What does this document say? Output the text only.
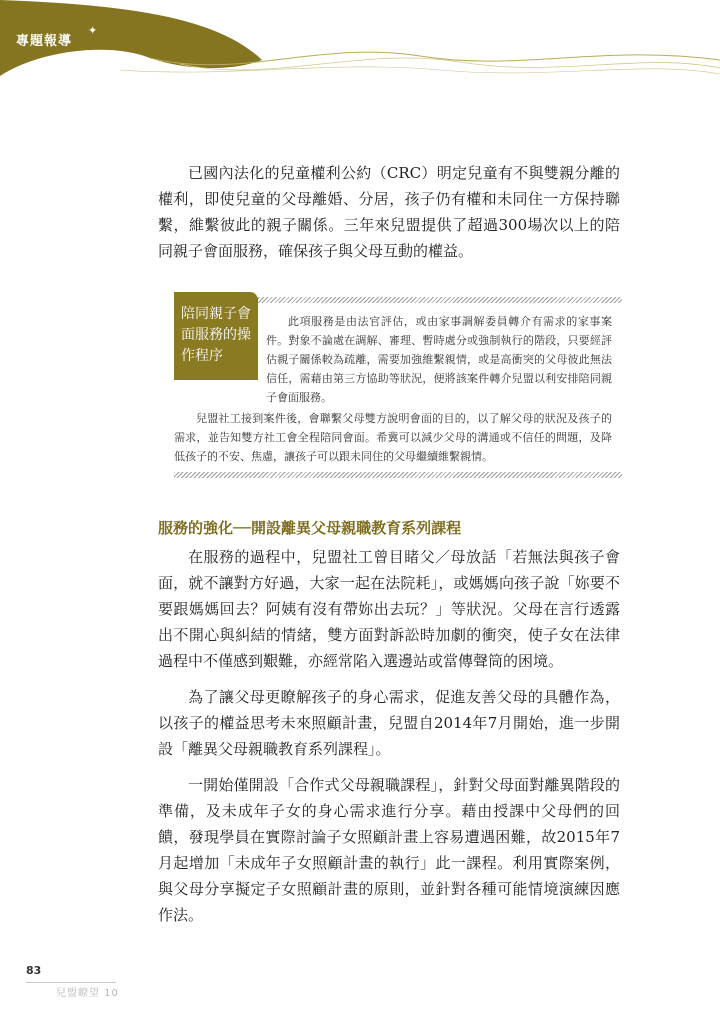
專題報導
✦

已國內法化的兒童權利公約（CRC）明定兒童有不與雙親分離的權利，即使兒童的父母離婚、分居，孩子仍有權和未同住一方保持聯繫，維繫彼此的親子關係。三年來兒盟提供了超過300場次以上的陪同親子會面服務，確保孩子與父母互動的權益。

陪同親子會面服務的操作程序

此項服務是由法官評估，或由家事調解委員轉介有需求的家事案件。對象不論處在調解、審理、暫時處分或強制執行的階段，只要經評估親子關係較為疏離，需要加強維繫親情，或是高衝突的父母彼此無法信任，需藉由第三方協助等狀況，便將該案件轉介兒盟以利安排陪同親子會面服務。

兒盟社工接到案件後，會聯繫父母雙方說明會面的目的，以了解父母的狀況及孩子的需求，並告知雙方社工會全程陪同會面。希冀可以減少父母的溝通或不信任的問題，及降低孩子的不安、焦慮，讓孩子可以跟未同住的父母繼續維繫親情。

服務的強化──開設離異父母親職教育系列課程

在服務的過程中，兒盟社工曾目睹父／母放話「若無法與孩子會面，就不讓對方好過，大家一起在法院耗」，或媽媽向孩子說「妳要不要跟媽媽回去？阿姨有沒有帶妳出去玩？」等狀況。父母在言行透露出不開心與糾結的情緒，雙方面對訴訟時加劇的衝突，使子女在法律過程中不僅感到艱難，亦經常陷入選邊站或當傳聲筒的困境。

為了讓父母更瞭解孩子的身心需求，促進友善父母的具體作為，以孩子的權益思考未來照顧計畫，兒盟自2014年7月開始，進一步開設「離異父母親職教育系列課程」。

一開始僅開設「合作式父母親職課程」，針對父母面對離異階段的準備，及未成年子女的身心需求進行分享。藉由授課中父母們的回饋，發現學員在實際討論子女照顧計畫上容易遭遇困難，故2015年7月起增加「未成年子女照顧計畫的執行」此一課程。利用實際案例，與父母分享擬定子女照顧計畫的原則，並針對各種可能情境演練因應作法。

83
兒盟瞭望 10
